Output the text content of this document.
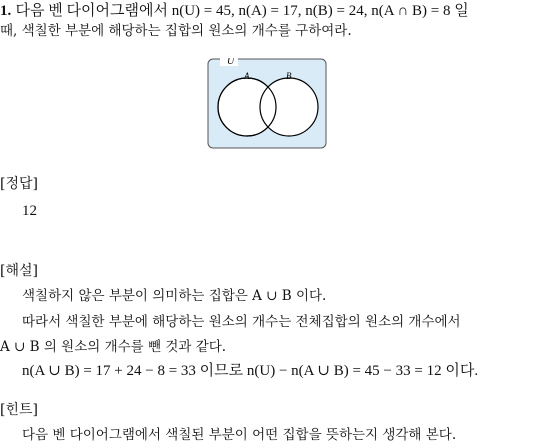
1. 다음 벤 다이어그램에서 n(U) = 45, n(A) = 17, n(B) = 24, n(A ∩ B) = 8 일
때, 색칠한 부분에 해당하는 집합의 원소의 개수를 구하여라.
U
A	B
[정답]
12
[해설]
색칠하지 않은 부분이 의미하는 집합은 A ∪ B 이다.
따라서 색칠한 부분에 해당하는 원소의 개수는 전체집합의 원소의 개수에서
A ∪ B 의 원소의 개수를 뺀 것과 같다.
n(A ∪ B) = 17 + 24 − 8 = 33 이므로 n(U) − n(A ∪ B) = 45 − 33 = 12 이다.
[힌트]
다음 벤 다이어그램에서 색칠된 부분이 어떤 집합을 뜻하는지 생각해 본다.
